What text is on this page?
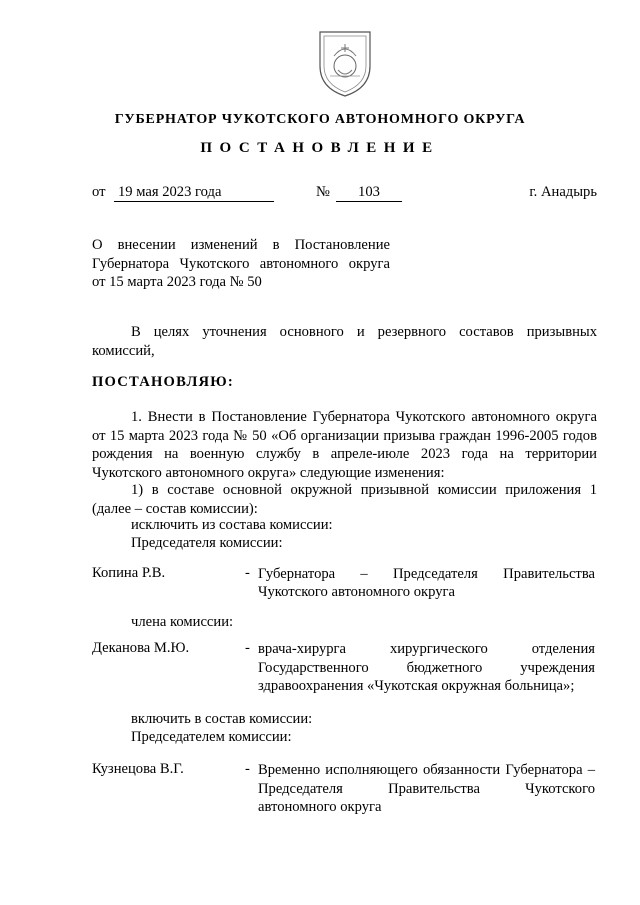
ГУБЕРНАТОР ЧУКОТСКОГО АВТОНОМНОГО ОКРУГА
ПОСТАНОВЛЕНИЕ
от 19 мая 2023 года	№	103	г. Анадырь
О внесении изменений в Постановление
Губернатора Чукотского автономного округа
от 15 марта 2023 года № 50
В целях уточнения основного и резервного составов призывных комиссий,
ПОСТАНОВЛЯЮ:
1. Внести в Постановление Губернатора Чукотского автономного округа от 15 марта 2023 года № 50 «Об организации призыва граждан 1996-2005 годов рождения на военную службу в апреле-июле 2023 года на территории Чукотского автономного округа» следующие изменения:
1) в составе основной окружной призывной комиссии приложения 1 (далее – состав комиссии):
исключить из состава комиссии:
Председателя комиссии:
Копина Р.В.	- Губернатора – Председателя Правительства
Чукотского автономного округа
члена комиссии:
Деканова М.Ю.	- врача-хирурга хирургического отделения Государственного бюджетного учреждения
здравоохранения «Чукотская окружная больница»;
включить в состав комиссии:
Председателем комиссии:
Кузнецова В.Г.	- Временно исполняющего обязанности Губернатора – Председателя Правительства Чукотского
автономного округа
